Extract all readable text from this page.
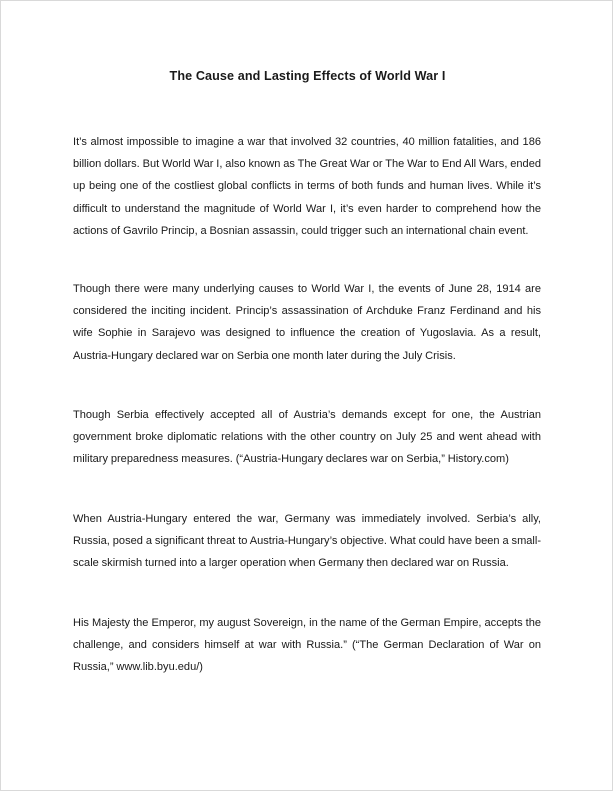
The Cause and Lasting Effects of World War I

It’s almost impossible to imagine a war that involved 32 countries, 40 million fatalities, and 186 billion dollars. But World War I, also known as The Great War or The War to End All Wars, ended up being one of the costliest global conflicts in terms of both funds and human lives. While it’s difficult to understand the magnitude of World War I, it’s even harder to comprehend how the actions of Gavrilo Princip, a Bosnian assassin, could trigger such an international chain event.

Though there were many underlying causes to World War I, the events of June 28, 1914 are considered the inciting incident. Princip’s assassination of Archduke Franz Ferdinand and his wife Sophie in Sarajevo was designed to influence the creation of Yugoslavia. As a result, Austria-Hungary declared war on Serbia one month later during the July Crisis.

Though Serbia effectively accepted all of Austria’s demands except for one, the Austrian government broke diplomatic relations with the other country on July 25 and went ahead with military preparedness measures. (“Austria-Hungary declares war on Serbia,” History.com)

When Austria-Hungary entered the war, Germany was immediately involved. Serbia’s ally, Russia, posed a significant threat to Austria-Hungary’s objective. What could have been a small-scale skirmish turned into a larger operation when Germany then declared war on Russia.

His Majesty the Emperor, my august Sovereign, in the name of the German Empire, accepts the challenge, and considers himself at war with Russia.” (“The German Declaration of War on Russia,” www.lib.byu.edu/)
